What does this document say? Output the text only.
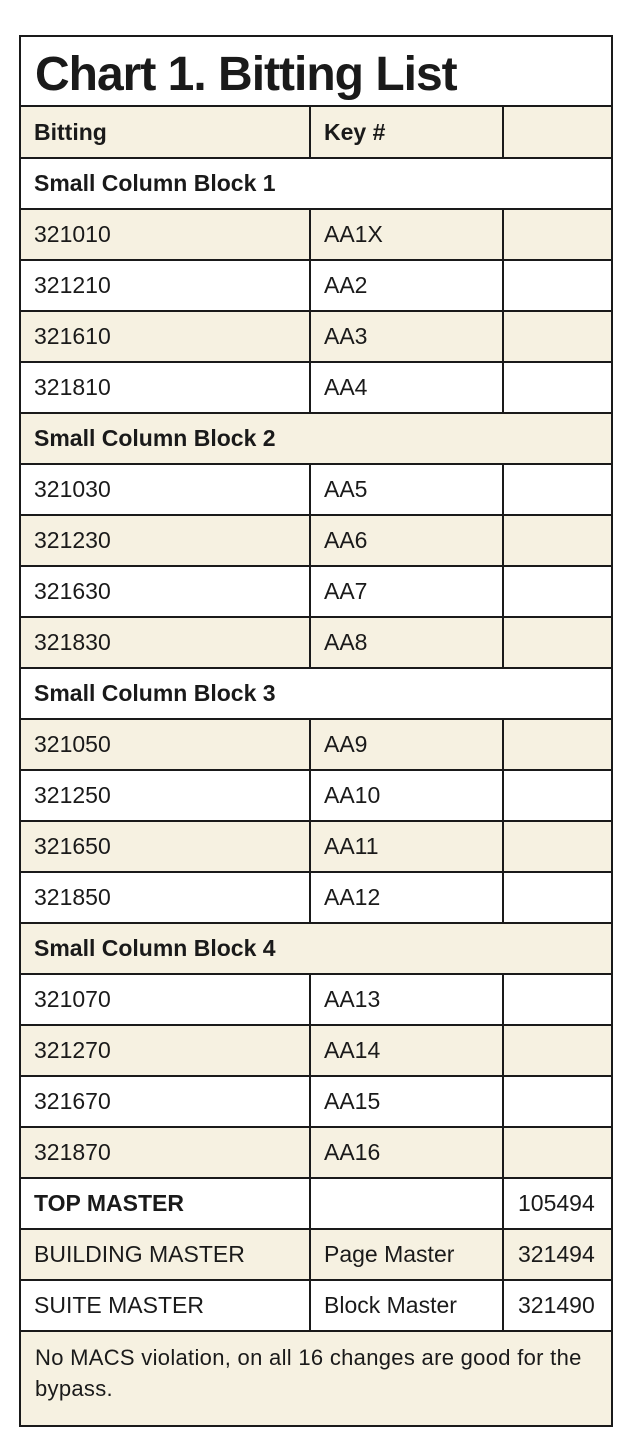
Chart 1. Bitting List
Bitting	Key #	
Small Column Block 1		
321010	AA1X	
321210	AA2	
321610	AA3	
321810	AA4	
Small Column Block 2		
321030	AA5	
321230	AA6	
321630	AA7	
321830	AA8	
Small Column Block 3		
321050	AA9	
321250	AA10	
321650	AA11	
321850	AA12	
Small Column Block 4		
321070	AA13	
321270	AA14	
321670	AA15	
321870	AA16	
TOP MASTER		105494
BUILDING MASTER	Page Master	321494
SUITE MASTER	Block Master	321490
No MACS violation, on all 16 changes are good for the bypass.		
